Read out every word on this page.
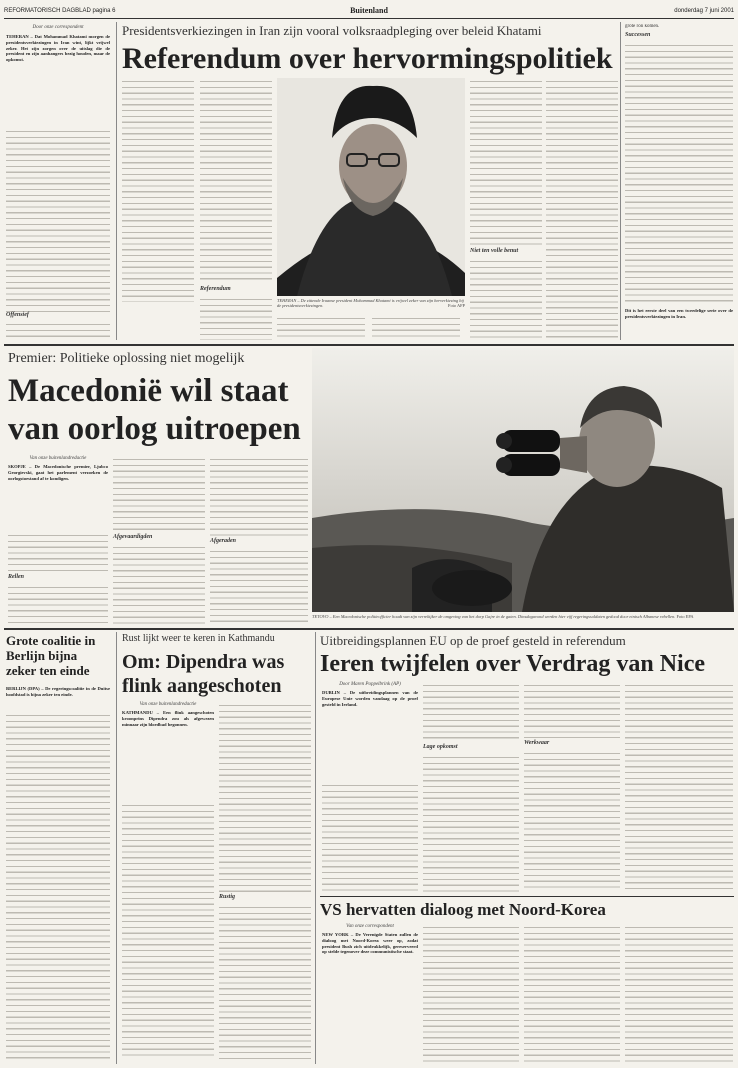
REFORMATORISCH DAGBLAD pagina 6	Buitenland	donderdag 7 juni 2001
Door onze correspondent	Presidentsverkiezingen in Iran zijn vooral volksraadpleging over beleid Khatami
Referendum over hervormingspolitiek
TEHERAN – Dat Mohammad Khatami morgen de presidentsverkiezingen in Iran wint, lijkt vrijwel zeker. Het zijn zorgen over de uitslag die de president en zijn aanhangers bezig houden, maar de opkomst.
Offensief
Referendum
TEHERAN – De zittende Iraanse president Mohammad Khatami is vrijwel zeker van zijn herverkiezing bij de presidentsverkiezingen.	Foto AFP
Niet ten volle benut
grote ron komen.
Successen
Dit is het eerste deel van een tweedelige serie over de presidentsverkiezingen in Iran.
Premier: Politieke oplossing niet mogelijk
Macedonië wil staat van oorlog uitroepen
Van onze buitenlandredactie
SKOPJE – De Macedonische premier, Ljubco Georgievski, gaat het parlement verzoeken de oorlogstoestand af te kondigen.
Rellen
Afgevaardigden
Afgeraden
TETOVO – Een Macedonische politieofficier houdt van zijn verrekijker de omgeving van het dorp Gajre in de gaten. Dinsdagavond werden hier vijf regeringssoldaten gedood door etnisch Albanese rebellen. Foto EPA
Grote coalitie in Berlijn bijna zeker ten einde
BERLIJN (DPA) – De regeringscoalitie in de Duitse hoofdstad is bijna zeker ten einde.
Rust lijkt weer te keren in Kathmandu
Om: Dipendra was flink aangeschoten
Van onze buitenlandredactie
KATHMANDU – Een flink aangeschoten kroonprins Dipendra zou als afgewezen minnaar zijn bloedbad begonnen.
Rustig
Uitbreidingsplannen EU op de proef gesteld in referendum
Ieren twijfelen over Verdrag van Nice
Door Maren Poppelbrink (AP)
DUBLIN – De uitbreidingsplannen van de Europese Unie worden vandaag op de proef gesteld in Ierland.
Lage opkomst
Werkwaar
VS hervatten dialoog met Noord-Korea
Van onze correspondent
NEW YORK – De Verenigde Staten zullen de dialoog met Noord-Korea weer op, zodat president Bush zich uitdrukkelijk, gereserveerd op stelde tegenover deze communistische staat.
